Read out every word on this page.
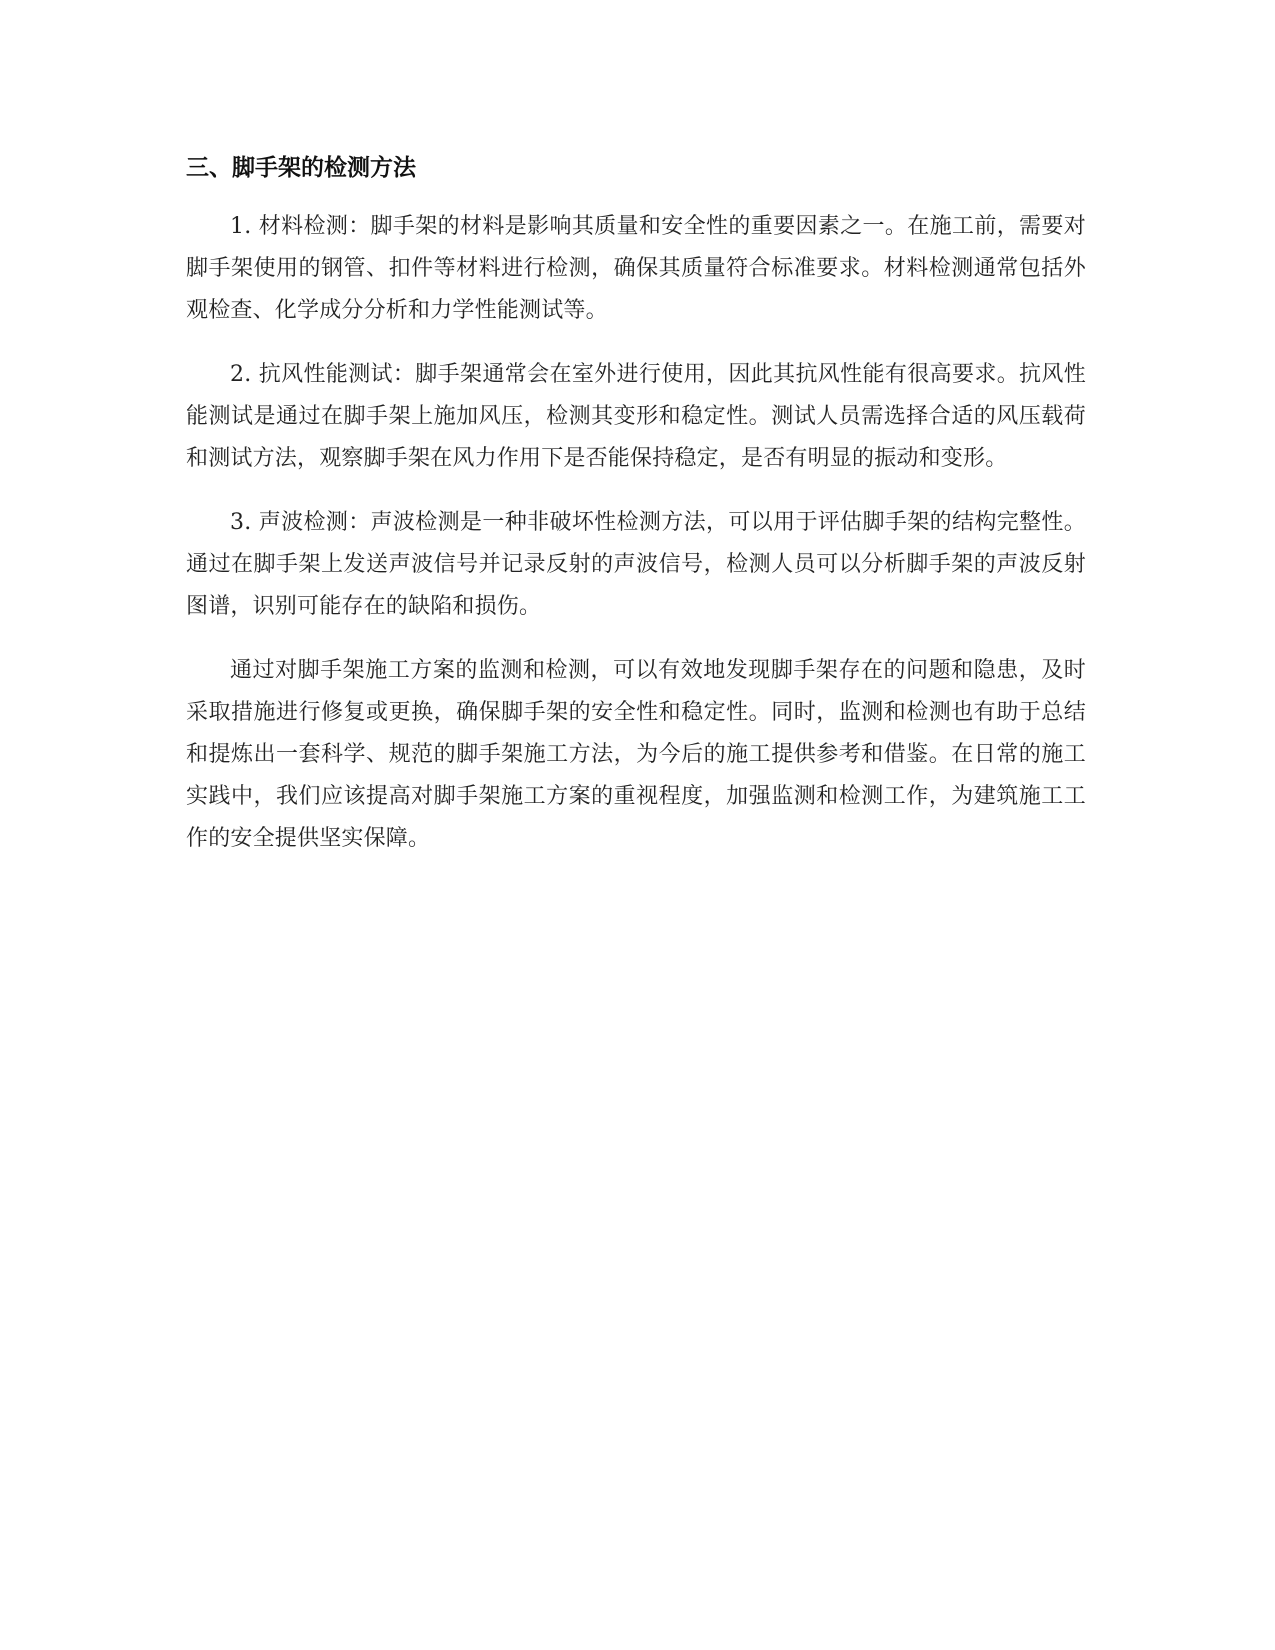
三、脚手架的检测方法

1. 材料检测：脚手架的材料是影响其质量和安全性的重要因素之一。在施工前，需要对脚手架使用的钢管、扣件等材料进行检测，确保其质量符合标准要求。材料检测通常包括外观检查、化学成分分析和力学性能测试等。

2. 抗风性能测试：脚手架通常会在室外进行使用，因此其抗风性能有很高要求。抗风性能测试是通过在脚手架上施加风压，检测其变形和稳定性。测试人员需选择合适的风压载荷和测试方法，观察脚手架在风力作用下是否能保持稳定，是否有明显的振动和变形。

3. 声波检测：声波检测是一种非破坏性检测方法，可以用于评估脚手架的结构完整性。通过在脚手架上发送声波信号并记录反射的声波信号，检测人员可以分析脚手架的声波反射图谱，识别可能存在的缺陷和损伤。

通过对脚手架施工方案的监测和检测，可以有效地发现脚手架存在的问题和隐患，及时采取措施进行修复或更换，确保脚手架的安全性和稳定性。同时，监测和检测也有助于总结和提炼出一套科学、规范的脚手架施工方法，为今后的施工提供参考和借鉴。在日常的施工实践中，我们应该提高对脚手架施工方案的重视程度，加强监测和检测工作，为建筑施工工作的安全提供坚实保障。
